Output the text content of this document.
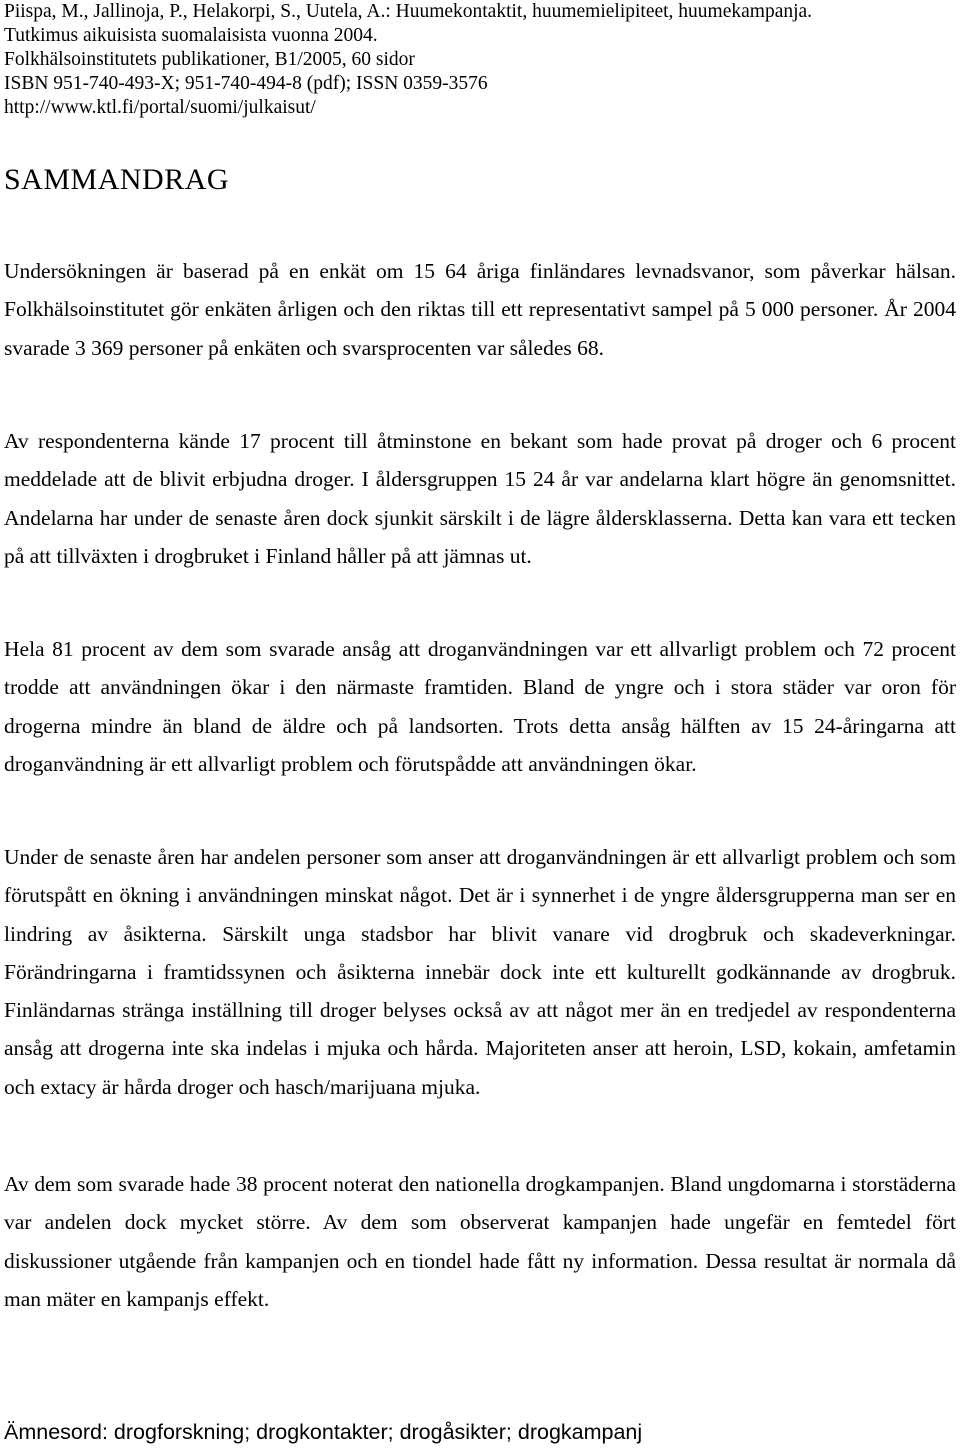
Piispa, M., Jallinoja, P., Helakorpi, S., Uutela, A.: Huumekontaktit, huumemielipiteet, huumekampanja.
Tutkimus aikuisista suomalaisista vuonna 2004.
Folkhälsoinstitutets publikationer, B1/2005, 60 sidor
ISBN 951-740-493-X; 951-740-494-8 (pdf); ISSN 0359-3576
http://www.ktl.fi/portal/suomi/julkaisut/
SAMMANDRAG

Undersökningen är baserad på en enkät om 15 64 åriga finländares levnadsvanor, som påverkar hälsan. Folkhälsoinstitutet gör enkäten årligen och den riktas till ett representativt sampel på 5 000 personer. År 2004 svarade 3 369 personer på enkäten och svarsprocenten var således 68.

Av respondenterna kände 17 procent till åtminstone en bekant som hade provat på droger och 6 procent meddelade att de blivit erbjudna droger. I åldersgruppen 15 24 år var andelarna klart högre än genomsnittet. Andelarna har under de senaste åren dock sjunkit särskilt i de lägre åldersklasserna. Detta kan vara ett tecken på att tillväxten i drogbruket i Finland håller på att jämnas ut.

Hela 81 procent av dem som svarade ansåg att droganvändningen var ett allvarligt problem och 72 procent trodde att användningen ökar i den närmaste framtiden. Bland de yngre och i stora städer var oron för drogerna mindre än bland de äldre och på landsorten. Trots detta ansåg hälften av 15 24-åringarna att droganvändning är ett allvarligt problem och förutspådde att användningen ökar.

Under de senaste åren har andelen personer som anser att droganvändningen är ett allvarligt problem och som förutspått en ökning i användningen minskat något. Det är i synnerhet i de yngre åldersgrupperna man ser en lindring av åsikterna. Särskilt unga stadsbor har blivit vanare vid drogbruk och skadeverkningar. Förändringarna i framtidssynen och åsikterna innebär dock inte ett kulturellt godkännande av drogbruk. Finländarnas stränga inställning till droger belyses också av att något mer än en tredjedel av respondenterna ansåg att drogerna inte ska indelas i mjuka och hårda. Majoriteten anser att heroin, LSD, kokain, amfetamin och extacy är hårda droger och hasch/marijuana mjuka.

Av dem som svarade hade 38 procent noterat den nationella drogkampanjen. Bland ungdomarna i storstäderna var andelen dock mycket större. Av dem som observerat kampanjen hade ungefär en femtedel fört diskussioner utgående från kampanjen och en tiondel hade fått ny information. Dessa resultat är normala då man mäter en kampanjs effekt.

Ämnesord: drogforskning; drogkontakter; drogåsikter; drogkampanj
